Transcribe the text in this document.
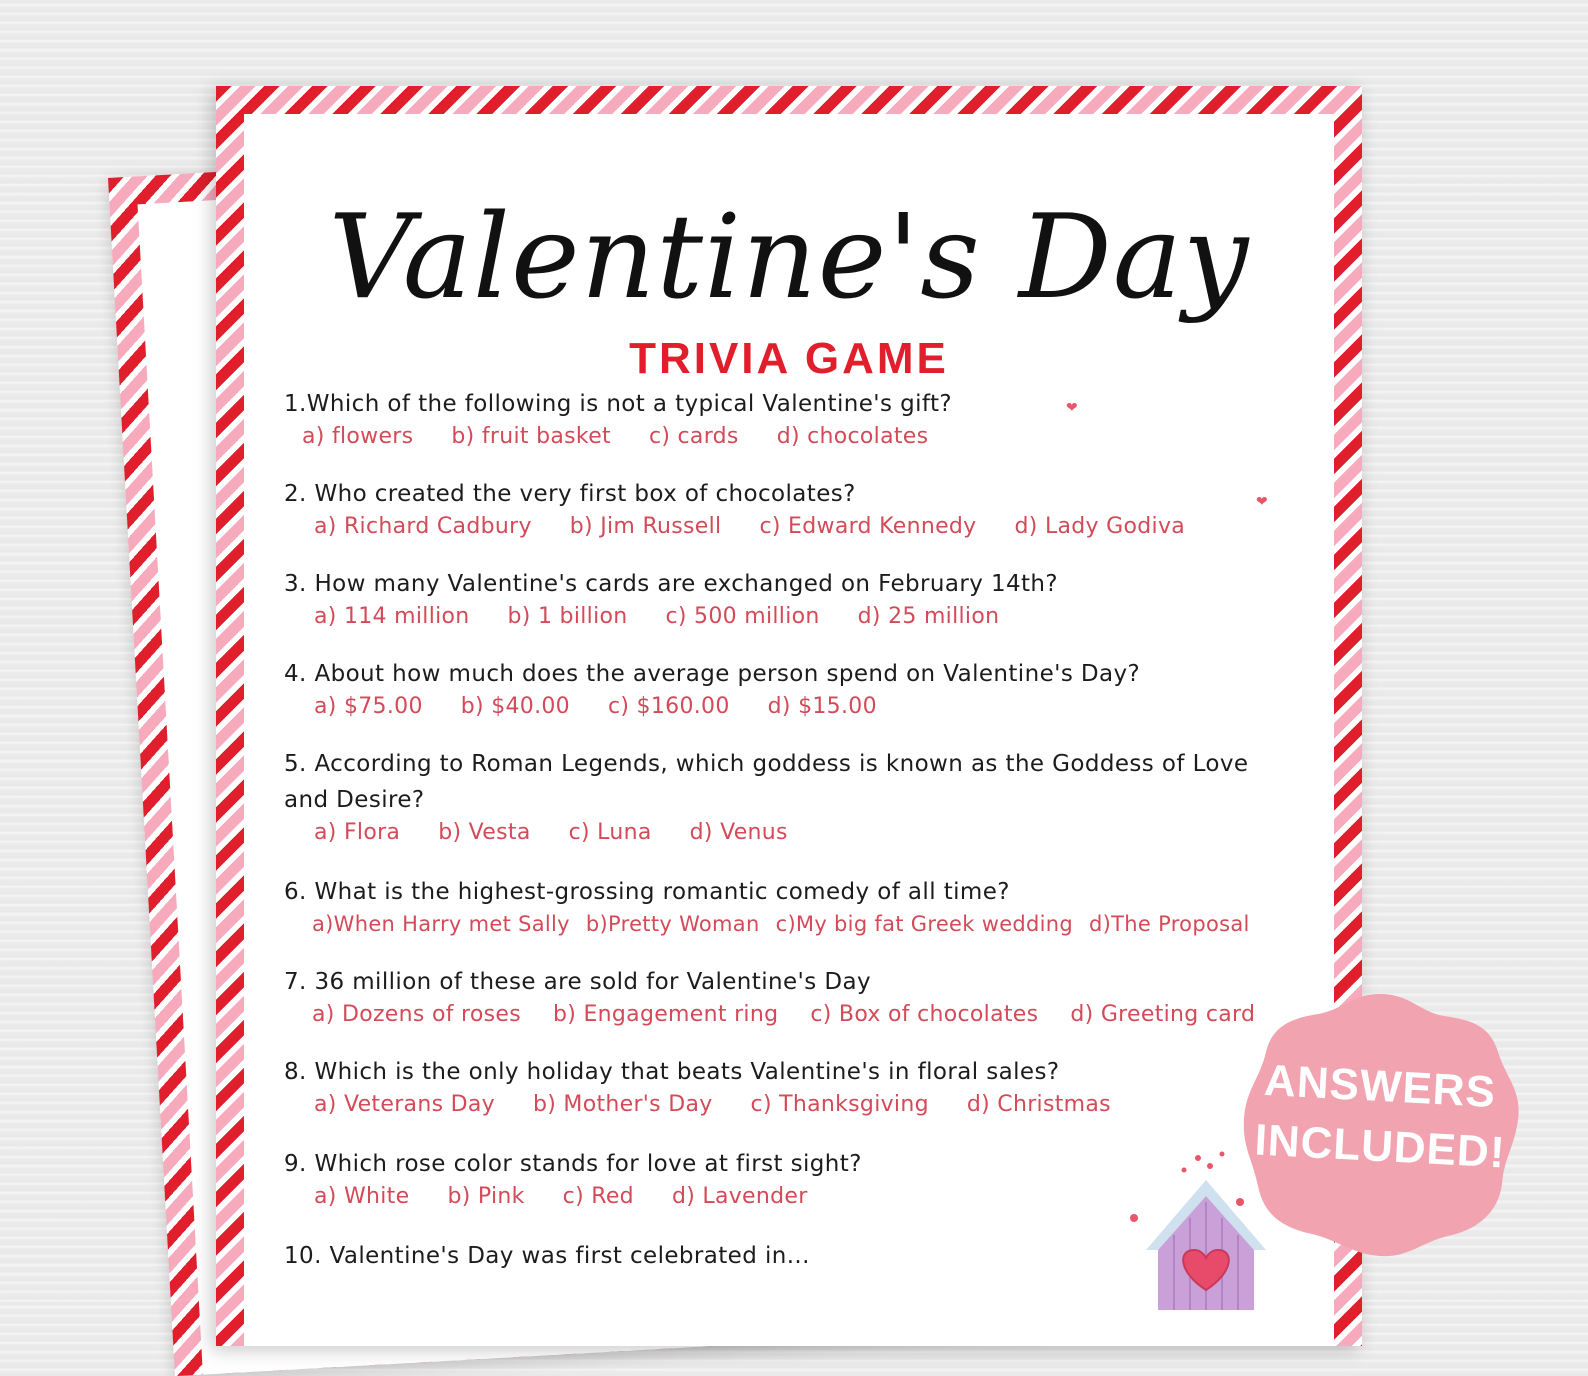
Valentine's Day
TRIVIA GAME
❤
❤
1.Which of the following is not a typical Valentine's gift?
a) flowers b) fruit basket c) cards d) chocolates
2. Who created the very first box of chocolates?
a) Richard Cadbury b) Jim Russell c) Edward Kennedy d) Lady Godiva
3. How many Valentine's cards are exchanged on February 14th?
a) 114 million b) 1 billion c) 500 million d) 25 million
4. About how much does the average person spend on Valentine's Day?
a) $75.00 b) $40.00 c) $160.00 d) $15.00
5. According to Roman Legends, which goddess is known as the Goddess of Love and Desire?
a) Flora b) Vesta c) Luna d) Venus
6. What is the highest-grossing romantic comedy of all time?
a)When Harry met Sally b)Pretty Woman c)My big fat Greek wedding d)The Proposal
7. 36 million of these are sold for Valentine's Day
a) Dozens of roses b) Engagement ring c) Box of chocolates d) Greeting card
8. Which is the only holiday that beats Valentine's in floral sales?
a) Veterans Day b) Mother's Day c) Thanksgiving d) Christmas
9. Which rose color stands for love at first sight?
a) White b) Pink c) Red d) Lavender
10. Valentine's Day was first celebrated in...
ANSWERS
INCLUDED!
